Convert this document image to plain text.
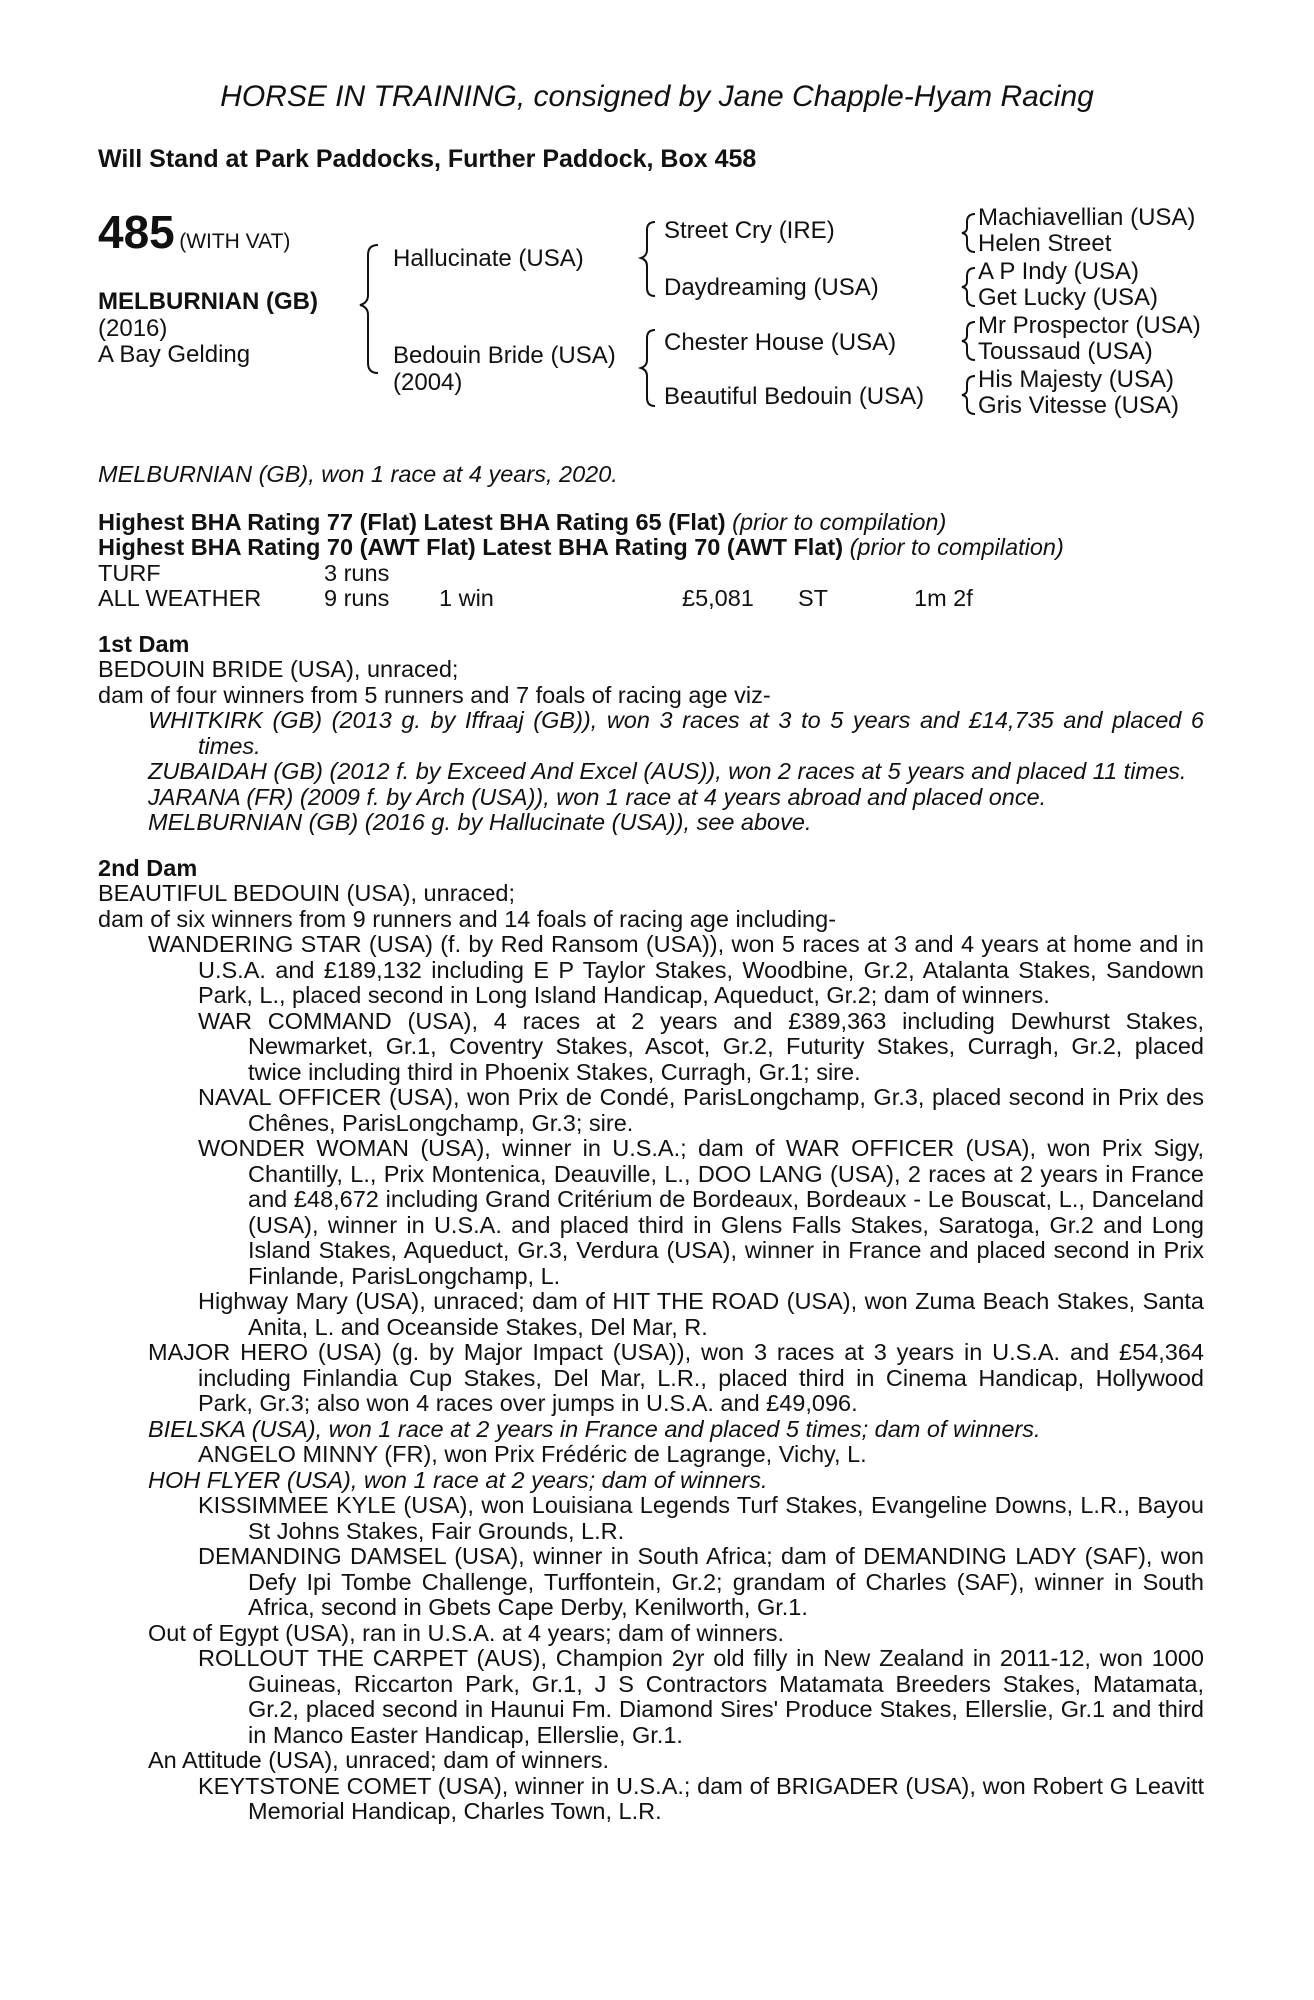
HORSE IN TRAINING, consigned by Jane Chapple-Hyam Racing
Will Stand at Park Paddocks, Further Paddock, Box 458
485 (WITH VAT)
MELBURNIAN (GB)
(2016)
A Bay Gelding
Hallucinate (USA)
Bedouin Bride (USA)
(2004)
Street Cry (IRE)
Daydreaming (USA)
Chester House (USA)
Beautiful Bedouin (USA)
Machiavellian (USA)
Helen Street
A P Indy (USA)
Get Lucky (USA)
Mr Prospector (USA)
Toussaud (USA)
His Majesty (USA)
Gris Vitesse (USA)

MELBURNIAN (GB), won 1 race at 4 years, 2020.

Highest BHA Rating 77 (Flat) Latest BHA Rating 65 (Flat) (prior to compilation)

Highest BHA Rating 70 (AWT Flat) Latest BHA Rating 70 (AWT Flat) (prior to compilation)

TURF	3 runs

ALL WEATHER	9 runs 1 win	£5,081 ST	1m 2f

1st Dam

BEDOUIN BRIDE (USA), unraced;

dam of four winners from 5 runners and 7 foals of racing age viz-

WHITKIRK (GB) (2013 g. by Iffraaj (GB)), won 3 races at 3 to 5 years and £14,735 and placed 6 times.

ZUBAIDAH (GB) (2012 f. by Exceed And Excel (AUS)), won 2 races at 5 years and placed 11 times.

JARANA (FR) (2009 f. by Arch (USA)), won 1 race at 4 years abroad and placed once.

MELBURNIAN (GB) (2016 g. by Hallucinate (USA)), see above.

2nd Dam

BEAUTIFUL BEDOUIN (USA), unraced;

dam of six winners from 9 runners and 14 foals of racing age including-

WANDERING STAR (USA) (f. by Red Ransom (USA)), won 5 races at 3 and 4 years at home and in U.S.A. and £189,132 including E P Taylor Stakes, Woodbine, Gr.2, Atalanta Stakes, Sandown Park, L., placed second in Long Island Handicap, Aqueduct, Gr.2; dam of winners.

WAR COMMAND (USA), 4 races at 2 years and £389,363 including Dewhurst Stakes, Newmarket, Gr.1, Coventry Stakes, Ascot, Gr.2, Futurity Stakes, Curragh, Gr.2, placed twice including third in Phoenix Stakes, Curragh, Gr.1; sire.

NAVAL OFFICER (USA), won Prix de Condé, ParisLongchamp, Gr.3, placed second in Prix des Chênes, ParisLongchamp, Gr.3; sire.

WONDER WOMAN (USA), winner in U.S.A.; dam of WAR OFFICER (USA), won Prix Sigy, Chantilly, L., Prix Montenica, Deauville, L., DOO LANG (USA), 2 races at 2 years in France and £48,672 including Grand Critérium de Bordeaux, Bordeaux - Le Bouscat, L., Danceland (USA), winner in U.S.A. and placed third in Glens Falls Stakes, Saratoga, Gr.2 and Long Island Stakes, Aqueduct, Gr.3, Verdura (USA), winner in France and placed second in Prix Finlande, ParisLongchamp, L.

Highway Mary (USA), unraced; dam of HIT THE ROAD (USA), won Zuma Beach Stakes, Santa Anita, L. and Oceanside Stakes, Del Mar, R.

MAJOR HERO (USA) (g. by Major Impact (USA)), won 3 races at 3 years in U.S.A. and £54,364 including Finlandia Cup Stakes, Del Mar, L.R., placed third in Cinema Handicap, Hollywood Park, Gr.3; also won 4 races over jumps in U.S.A. and £49,096.

BIELSKA (USA), won 1 race at 2 years in France and placed 5 times; dam of winners.

ANGELO MINNY (FR), won Prix Frédéric de Lagrange, Vichy, L.

HOH FLYER (USA), won 1 race at 2 years; dam of winners.

KISSIMMEE KYLE (USA), won Louisiana Legends Turf Stakes, Evangeline Downs, L.R., Bayou St Johns Stakes, Fair Grounds, L.R.

DEMANDING DAMSEL (USA), winner in South Africa; dam of DEMANDING LADY (SAF), won Defy Ipi Tombe Challenge, Turffontein, Gr.2; grandam of Charles (SAF), winner in South Africa, second in Gbets Cape Derby, Kenilworth, Gr.1.

Out of Egypt (USA), ran in U.S.A. at 4 years; dam of winners.

ROLLOUT THE CARPET (AUS), Champion 2yr old filly in New Zealand in 2011-12, won 1000 Guineas, Riccarton Park, Gr.1, J S Contractors Matamata Breeders Stakes, Matamata, Gr.2, placed second in Haunui Fm. Diamond Sires' Produce Stakes, Ellerslie, Gr.1 and third in Manco Easter Handicap, Ellerslie, Gr.1.

An Attitude (USA), unraced; dam of winners.

KEYTSTONE COMET (USA), winner in U.S.A.; dam of BRIGADER (USA), won Robert G Leavitt Memorial Handicap, Charles Town, L.R.
